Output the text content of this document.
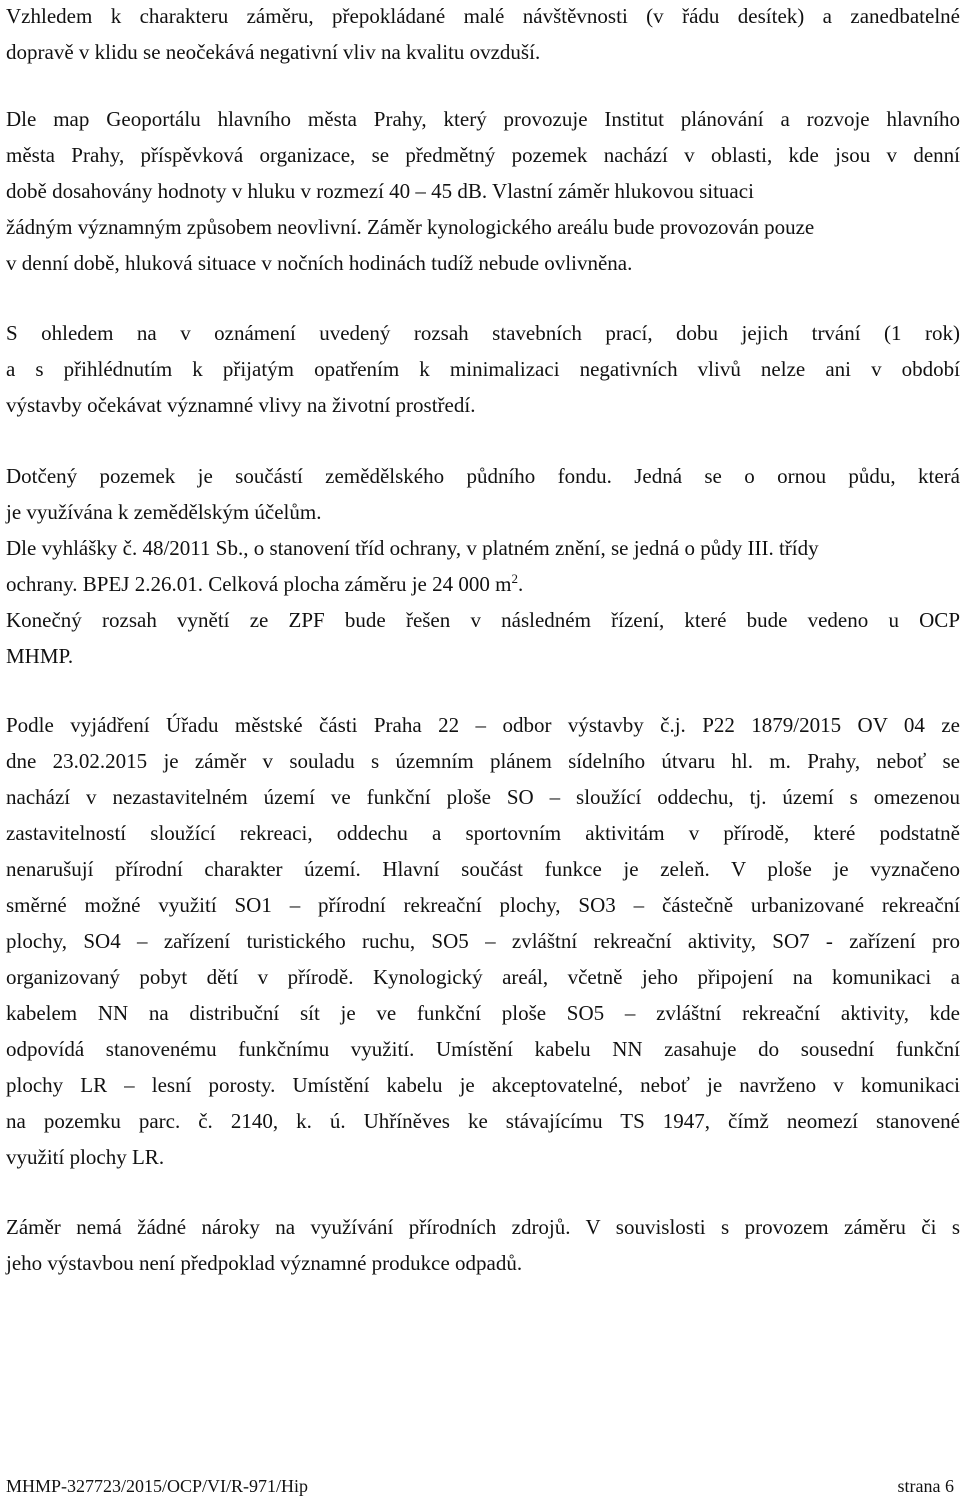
Vzhledem k charakteru záměru, přepokládané malé návštěvnosti (v řádu desítek) a zanedbatelné
dopravě v klidu se neočekává negativní vliv na kvalitu ovzduší.
Dle map Geoportálu hlavního města Prahy, který provozuje Institut plánování a rozvoje hlavního
města Prahy, příspěvková organizace, se předmětný pozemek nachází v oblasti, kde jsou v denní
době dosahovány hodnoty v hluku v rozmezí 40 – 45 dB. Vlastní záměr hlukovou situaci
žádným významným způsobem neovlivní. Záměr kynologického areálu bude provozován pouze
v denní době, hluková situace v nočních hodinách tudíž nebude ovlivněna.
S ohledem na v oznámení uvedený rozsah stavebních prací, dobu jejich trvání (1 rok)
a s přihlédnutím k přijatým opatřením k minimalizaci negativních vlivů nelze ani v období
výstavby očekávat významné vlivy na životní prostředí.
Dotčený pozemek je součástí zemědělského půdního fondu. Jedná se o ornou půdu, která
je využívána k zemědělským účelům.
Dle vyhlášky č. 48/2011 Sb., o stanovení tříd ochrany, v platném znění, se jedná o půdy III. třídy
ochrany. BPEJ 2.26.01. Celková plocha záměru je 24 000 $m^2$.
Konečný rozsah vynětí ze ZPF bude řešen v následném řízení, které bude vedeno u OCP
MHMP.
Podle vyjádření Úřadu městské části Praha 22 – odbor výstavby č.j. P22 1879/2015 OV 04 ze
dne 23.02.2015 je záměr v souladu s územním plánem sídelního útvaru hl. m. Prahy, neboť se
nachází v nezastavitelném území ve funkční ploše SO – sloužící oddechu, tj. území s omezenou
zastavitelností sloužící rekreaci, oddechu a sportovním aktivitám v přírodě, které podstatně
nenarušují přírodní charakter území. Hlavní součást funkce je zeleň. V ploše je vyznačeno
směrné možné využití SO1 – přírodní rekreační plochy, SO3 – částečně urbanizované rekreační
plochy, SO4 – zařízení turistického ruchu, SO5 – zvláštní rekreační aktivity, SO7 - zařízení pro
organizovaný pobyt dětí v přírodě. Kynologický areál, včetně jeho připojení na komunikaci a
kabelem NN na distribuční sít je ve funkční ploše SO5 – zvláštní rekreační aktivity, kde
odpovídá stanovenému funkčnímu využití. Umístění kabelu NN zasahuje do sousední funkční
plochy LR – lesní porosty. Umístění kabelu je akceptovatelné, neboť je navrženo v komunikaci
na pozemku parc. č. 2140, k. ú. Uhříněves ke stávajícímu TS 1947, čímž neomezí stanovené
využití plochy LR.
Záměr nemá žádné nároky na využívání přírodních zdrojů. V souvislosti s provozem záměru či s
jeho výstavbou není předpoklad významné produkce odpadů.
MHMP-327723/2015/OCP/VI/R-971/Hip	strana 6
